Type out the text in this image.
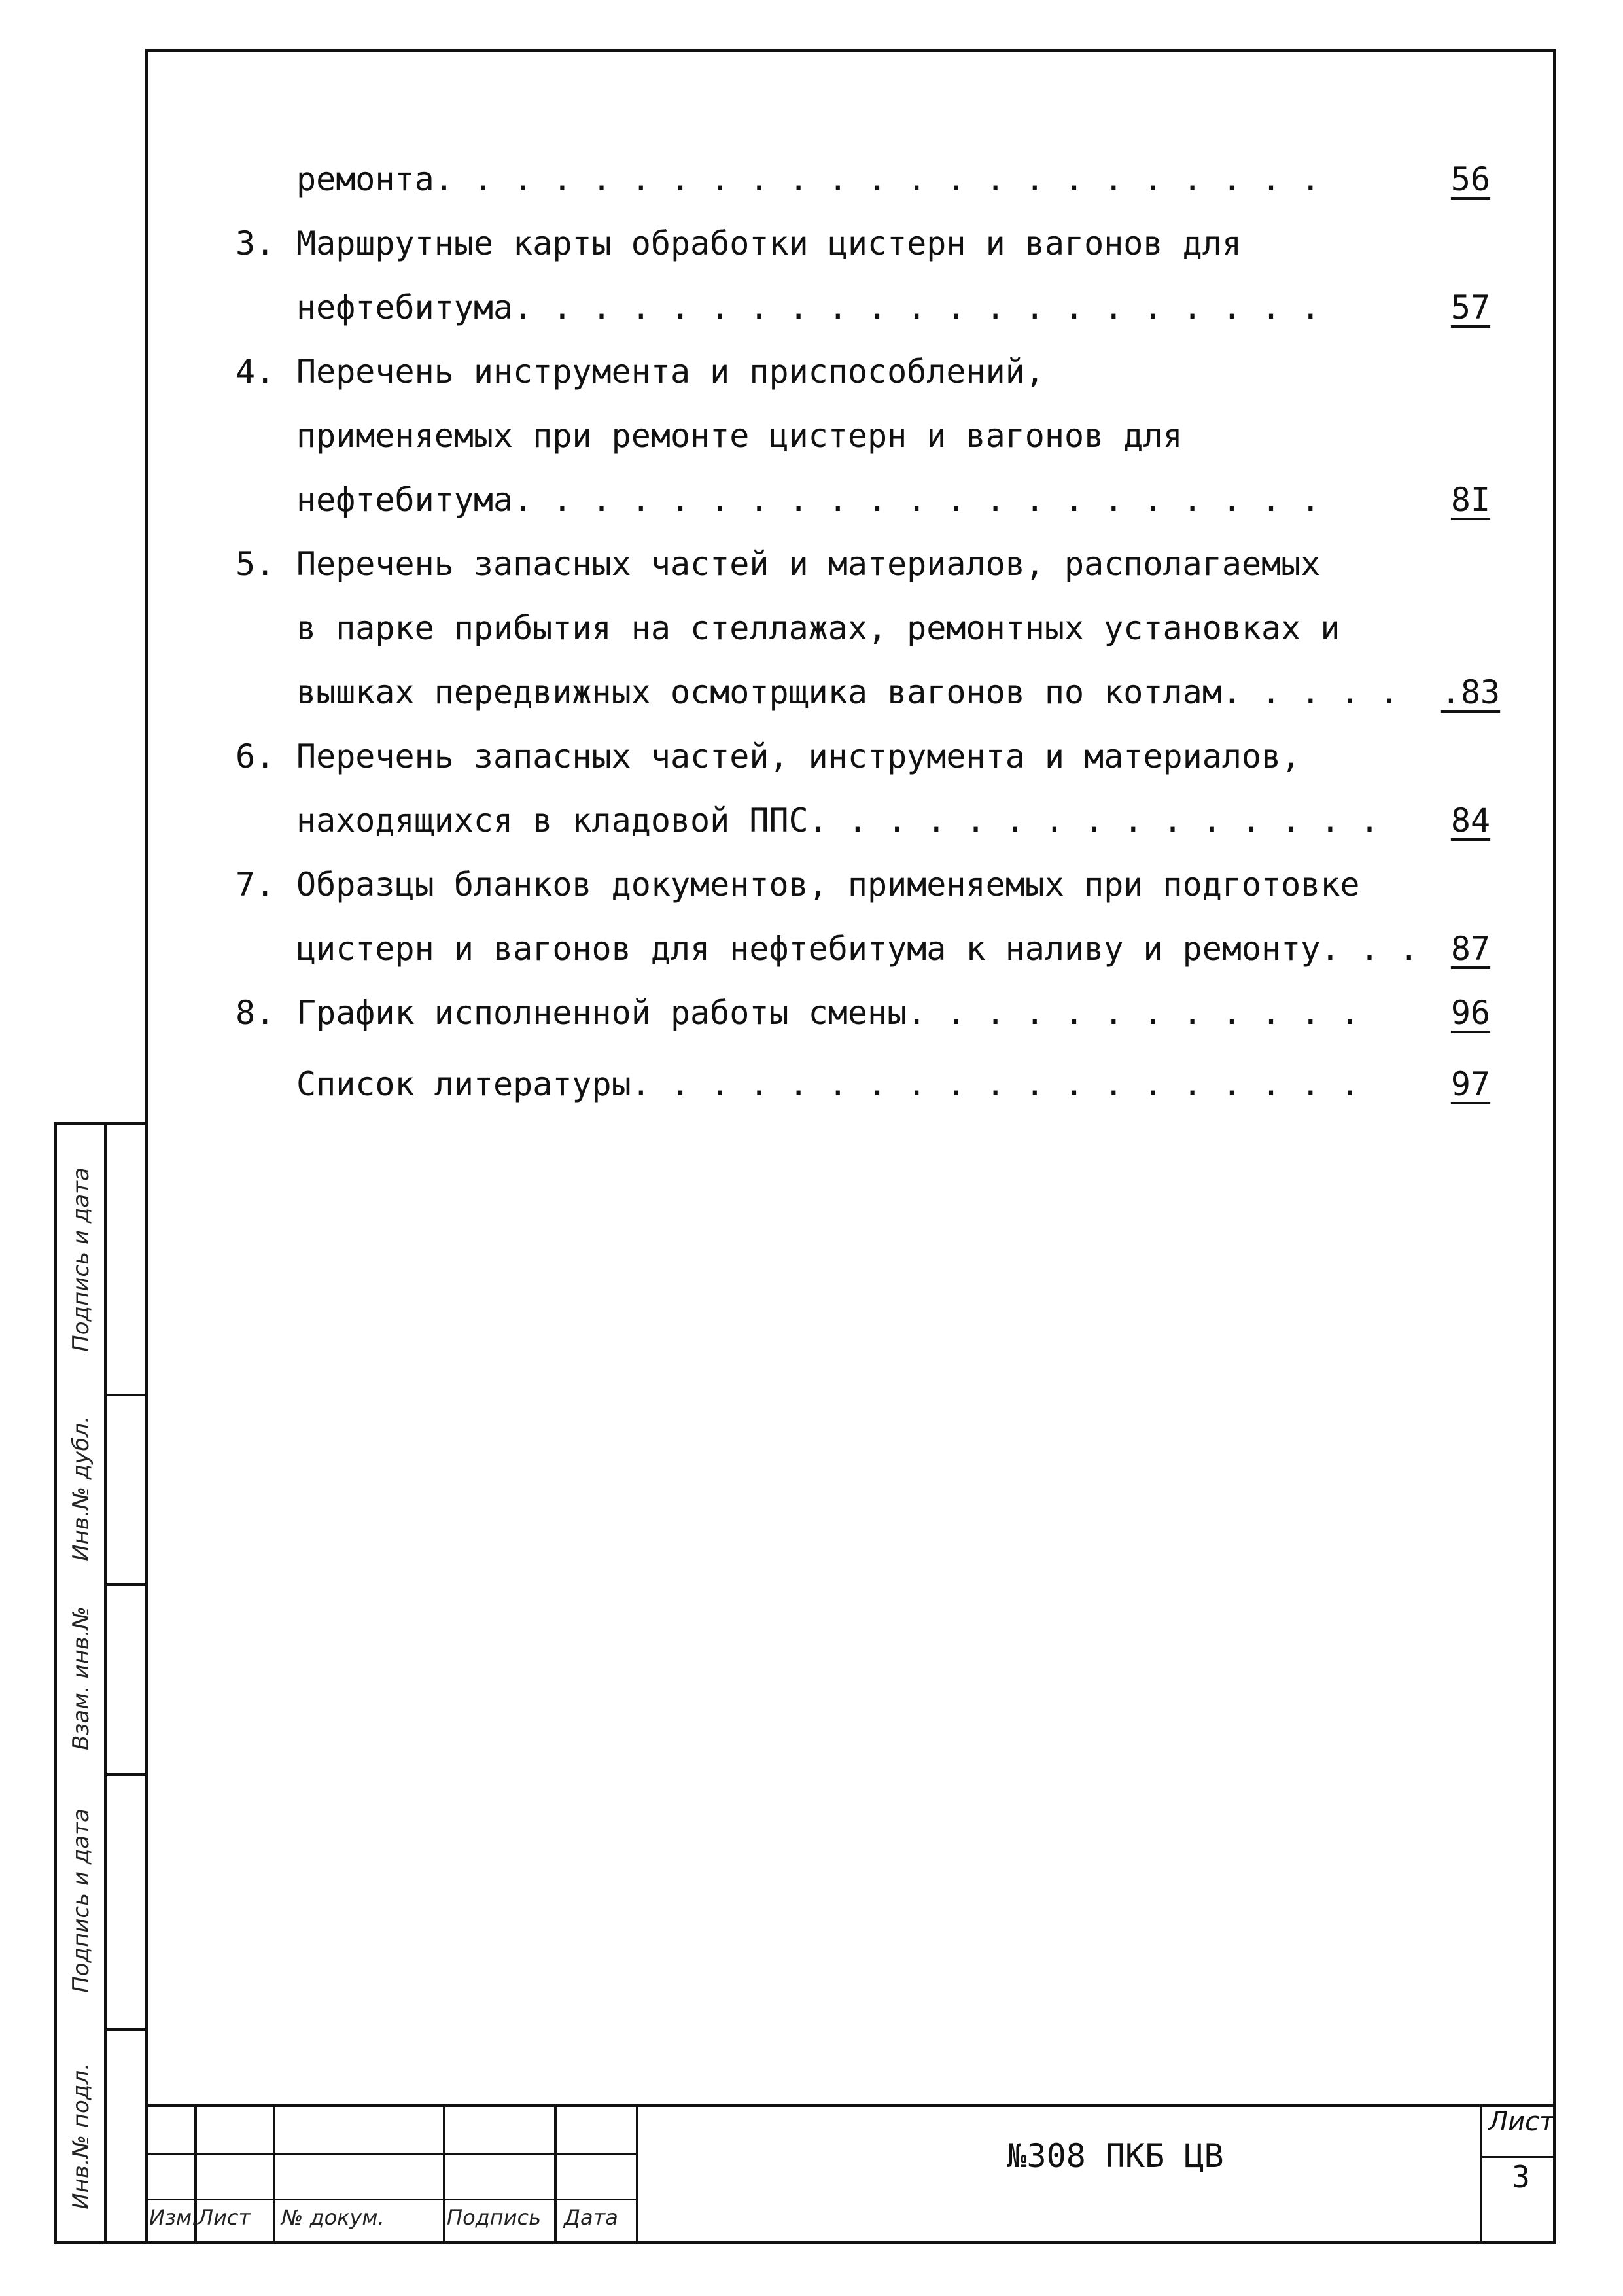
Подпись и дата
Инв.№ дубл.
Взам. инв.№
Подпись и дата
Инв.№ подл.
ремонта. . . . . . . . . . . . . . . . . . . . . . .	56
3. Маршрутные карты обработки цистерн и вагонов для
нефтебитума. . . . . . . . . . . . . . . . . . . . .	57
4. Перечень инструмента и приспособлений,
применяемых при ремонте цистерн и вагонов для
нефтебитума. . . . . . . . . . . . . . . . . . . . .	8I
5. Перечень запасных частей и материалов, располагаемых
в парке прибытия на стеллажах, ремонтных установках и
вышках передвижных осмотрщика вагонов по котлам. . . . . .83
6. Перечень запасных частей, инструмента и материалов,
находящихся в кладовой ППС. . . . . . . . . . . . . . .	84
7. Образцы бланков документов, применяемых при подготовке
цистерн и вагонов для нефтебитума к наливу и ремонту. . . 87
8. График исполненной работы смены. . . . . . . . . . . .	96
Список литературы. . . . . . . . . . . . . . . . . . .	97
Изм.
Лист № докум.	Подпись Дата
№308 ПКБ ЦВ
Лист
3
